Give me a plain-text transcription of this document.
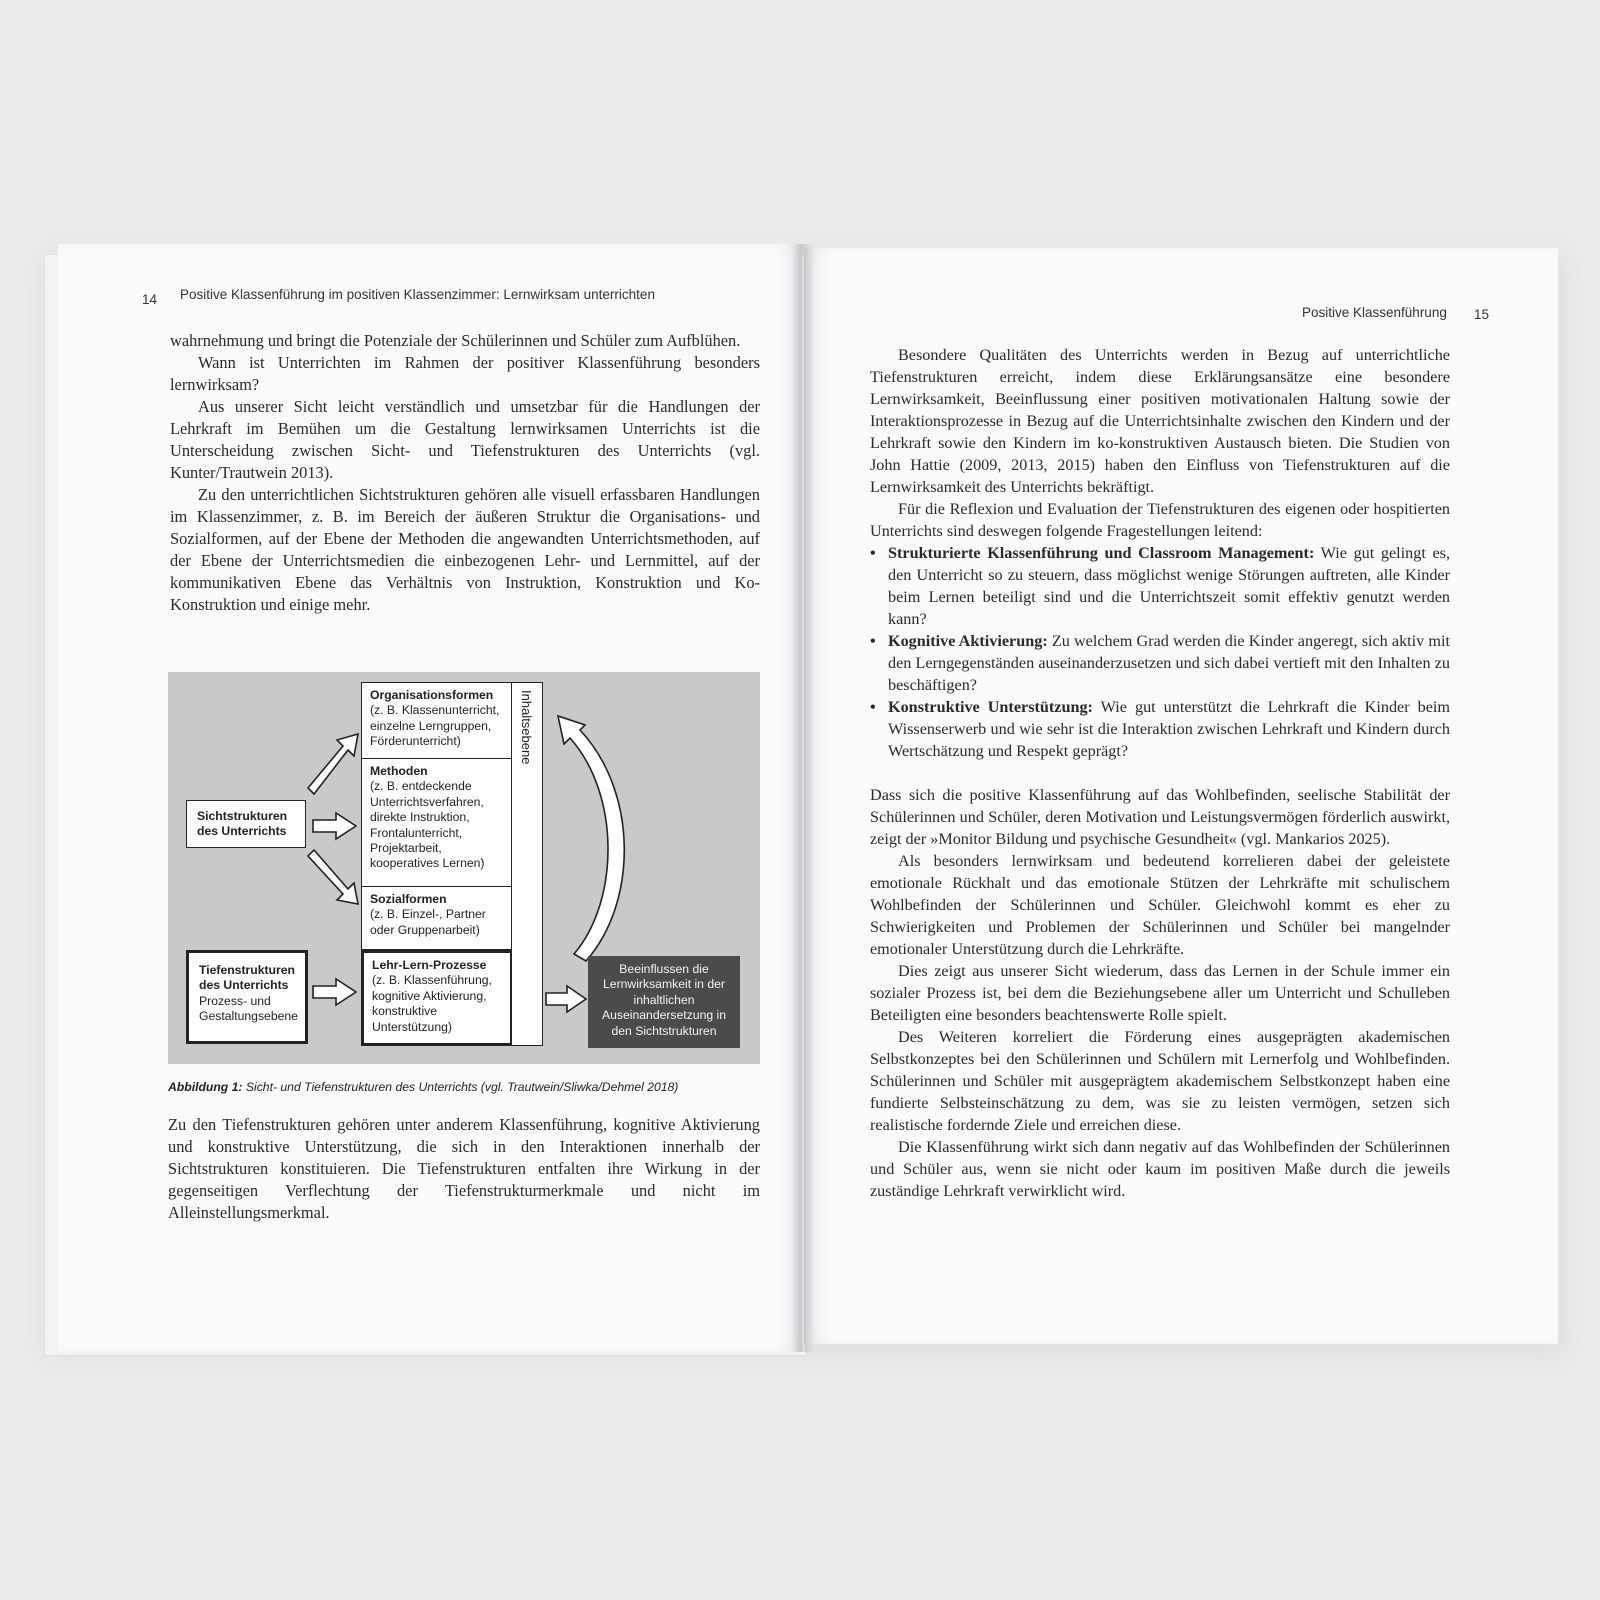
14 Positive Klassenführung im positiven Klassenzimmer: Lernwirksam unterrichten

wahrnehmung und bringt die Potenziale der Schülerinnen und Schüler zum Aufblühen.

Wann ist Unterrichten im Rahmen der positiver Klassenführung besonders lernwirksam?

Aus unserer Sicht leicht verständlich und umsetzbar für die Handlungen der Lehrkraft im Bemühen um die Gestaltung lernwirksamen Unterrichts ist die Unterscheidung zwischen Sicht- und Tiefenstrukturen des Unterrichts (vgl. Kunter/Trautwein 2013).

Zu den unterrichtlichen Sichtstrukturen gehören alle visuell erfassbaren Handlungen im Klassenzimmer, z. B. im Bereich der äußeren Struktur die Organisations- und Sozialformen, auf der Ebene der Methoden die angewandten Unterrichtsmethoden, auf der Ebene der Unterrichtsmedien die einbezogenen Lehr- und Lernmittel, auf der kommunikativen Ebene das Verhältnis von Instruktion, Konstruktion und Ko-Konstruktion und einige mehr.

Sichtstrukturen
des Unterrichts
Tiefenstrukturen
des Unterrichts
Prozess- und
Gestaltungsebene
Organisationsformen
(z. B. Klassenunterricht, einzelne Lerngruppen, Förderunterricht)
Methoden
(z. B. entdeckende Unterrichtsverfahren, direkte Instruktion, Frontalunterricht, Projektarbeit, kooperatives Lernen)
Sozialformen
(z. B. Einzel-, Partner oder Gruppenarbeit)
Lehr-Lern-Prozesse
(z. B. Klassenführung, kognitive Aktivierung, konstruktive Unterstützung)
Inhaltsebene
Beeinflussen die Lernwirksamkeit in der inhaltlichen Auseinandersetzung in den Sichtstrukturen
Abbildung 1: Sicht- und Tiefenstrukturen des Unterrichts (vgl. Trautwein/Sliwka/Dehmel 2018)
Zu den Tiefenstrukturen gehören unter anderem Klassenführung, kognitive Aktivierung und konstruktive Unterstützung, die sich in den Interaktionen innerhalb der Sichtstrukturen konstituieren. Die Tiefenstrukturen entfalten ihre Wirkung in der gegenseitigen Verflechtung der Tiefenstrukturmerkmale und nicht im Alleinstellungsmerkmal.
Positive Klassenführung 15

Besondere Qualitäten des Unterrichts werden in Bezug auf unterrichtliche Tiefenstrukturen erreicht, indem diese Erklärungsansätze eine besondere Lernwirksamkeit, Beeinflussung einer positiven motivationalen Haltung sowie der Interaktionsprozesse in Bezug auf die Unterrichtsinhalte zwischen den Kindern und der Lehrkraft sowie den Kindern im ko-konstruktiven Austausch bieten. Die Studien von John Hattie (2009, 2013, 2015) haben den Einfluss von Tiefenstrukturen auf die Lernwirksamkeit des Unterrichts bekräftigt.

Für die Reflexion und Evaluation der Tiefenstrukturen des eigenen oder hospitierten Unterrichts sind deswegen folgende Fragestellungen leitend:

• Strukturierte Klassenführung und Classroom Management: Wie gut gelingt es, den Unterricht so zu steuern, dass möglichst wenige Störungen auftreten, alle Kinder beim Lernen beteiligt sind und die Unterrichtszeit somit effektiv genutzt werden kann?

• Kognitive Aktivierung: Zu welchem Grad werden die Kinder angeregt, sich aktiv mit den Lerngegenständen auseinanderzusetzen und sich dabei vertieft mit den Inhalten zu beschäftigen?

• Konstruktive Unterstützung: Wie gut unterstützt die Lehrkraft die Kinder beim Wissenserwerb und wie sehr ist die Interaktion zwischen Lehrkraft und Kindern durch Wertschätzung und Respekt geprägt?

Dass sich die positive Klassenführung auf das Wohlbefinden, seelische Stabilität der Schülerinnen und Schüler, deren Motivation und Leistungsvermögen förderlich auswirkt, zeigt der »Monitor Bildung und psychische Gesundheit« (vgl. Mankarios 2025).

Als besonders lernwirksam und bedeutend korrelieren dabei der geleistete emotionale Rückhalt und das emotionale Stützen der Lehrkräfte mit schulischem Wohlbefinden der Schülerinnen und Schüler. Gleichwohl kommt es eher zu Schwierigkeiten und Problemen der Schülerinnen und Schüler bei mangelnder emotionaler Unterstützung durch die Lehrkräfte.

Dies zeigt aus unserer Sicht wiederum, dass das Lernen in der Schule immer ein sozialer Prozess ist, bei dem die Beziehungsebene aller um Unterricht und Schulleben Beteiligten eine besonders beachtenswerte Rolle spielt.

Des Weiteren korreliert die Förderung eines ausgeprägten akademischen Selbstkonzeptes bei den Schülerinnen und Schülern mit Lernerfolg und Wohlbefinden. Schülerinnen und Schüler mit ausgeprägtem akademischem Selbstkonzept haben eine fundierte Selbsteinschätzung zu dem, was sie zu leisten vermögen, setzen sich realistische fordernde Ziele und erreichen diese.

Die Klassenführung wirkt sich dann negativ auf das Wohlbefinden der Schülerinnen und Schüler aus, wenn sie nicht oder kaum im positiven Maße durch die jeweils zuständige Lehrkraft verwirklicht wird.
